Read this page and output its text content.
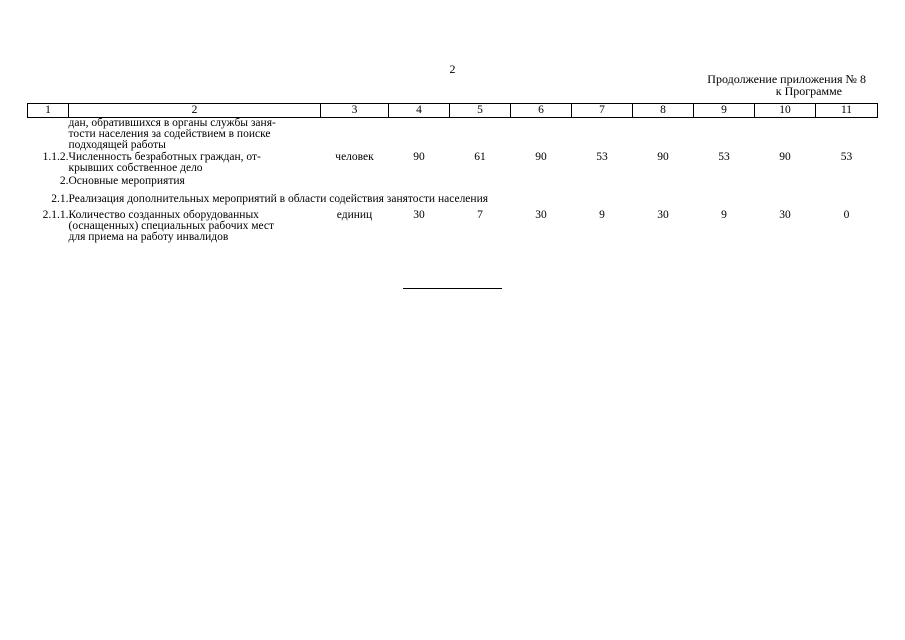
2
Продолжение приложения № 8
к Программе
1	2	3	4	5	6	7	8	9	10	11

	дан, обратившихся в органы службы заня-
тости населения за содействием в поиске
подходящей работы									

1.1.2.	Численность безработных граждан, от-
крывших собственное дело	человек	90	61	90	53	90	53	90	53
2.	Основные мероприятия									

2.1.	Реализация дополнительных мероприятий в области содействия занятости населения									

2.1.1.	Количество созданных оборудованных
(оснащенных) специальных рабочих мест
для приема на работу инвалидов	единиц	30	7	30	9	30	9	30	0
